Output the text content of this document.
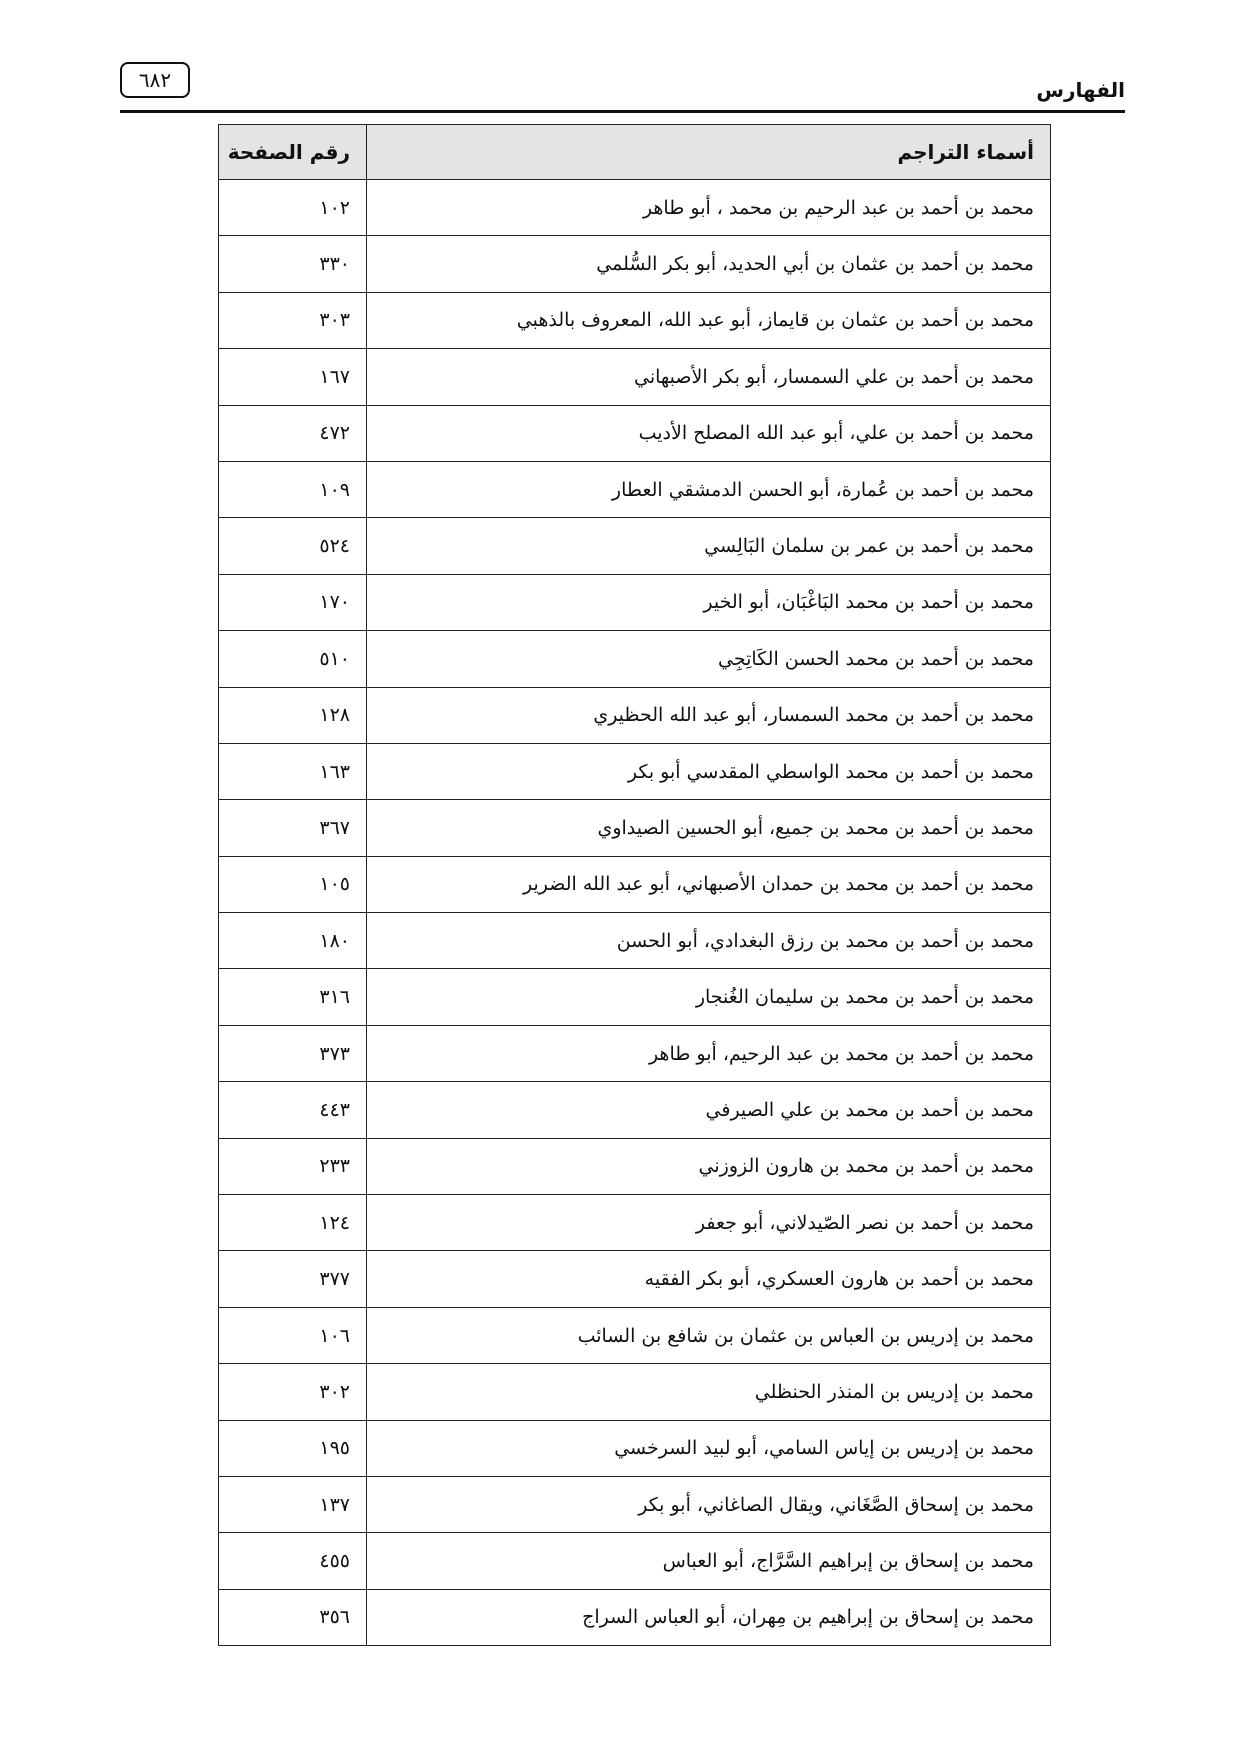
الفهارس
٦٨٢
أسماء التراجم	رقم الصفحة
محمد بن أحمد بن عبد الرحيم بن محمد ، أبو طاهر	١٠٢
محمد بن أحمد بن عثمان بن أبي الحديد، أبو بكر السُّلمي	٣٣٠
محمد بن أحمد بن عثمان بن قايماز، أبو عبد الله، المعروف بالذهبي	٣٠٣
محمد بن أحمد بن علي السمسار، أبو بكر الأصبهاني	١٦٧
محمد بن أحمد بن علي، أبو عبد الله المصلح الأديب	٤٧٢
محمد بن أحمد بن عُمارة، أبو الحسن الدمشقي العطار	١٠٩
محمد بن أحمد بن عمر بن سلمان البَالِسي	٥٢٤
محمد بن أحمد بن محمد البَاغْبَان، أبو الخير	١٧٠
محمد بن أحمد بن محمد الحسن الكَاتِجِي	٥١٠
محمد بن أحمد بن محمد السمسار، أبو عبد الله الحظيري	١٢٨
محمد بن أحمد بن محمد الواسطي المقدسي أبو بكر	١٦٣
محمد بن أحمد بن محمد بن جميع، أبو الحسين الصيداوي	٣٦٧
محمد بن أحمد بن محمد بن حمدان الأصبهاني، أبو عبد الله الضرير	١٠٥
محمد بن أحمد بن محمد بن رزق البغدادي، أبو الحسن	١٨٠
محمد بن أحمد بن محمد بن سليمان الغُنجار	٣١٦
محمد بن أحمد بن محمد بن عبد الرحيم، أبو طاهر	٣٧٣
محمد بن أحمد بن محمد بن علي الصيرفي	٤٤٣
محمد بن أحمد بن محمد بن هارون الزوزني	٢٣٣
محمد بن أحمد بن نصر الصّيدلاني، أبو جعفر	١٢٤
محمد بن أحمد بن هارون العسكري، أبو بكر الفقيه	٣٧٧
محمد بن إدريس بن العباس بن عثمان بن شافع بن السائب	١٠٦
محمد بن إدريس بن المنذر الحنظلي	٣٠٢
محمد بن إدريس بن إياس السامي، أبو لبيد السرخسي	١٩٥
محمد بن إسحاق الصَّغَاني، ويقال الصاغاني، أبو بكر	١٣٧
محمد بن إسحاق بن إبراهيم السَّرَّاج، أبو العباس	٤٥٥
محمد بن إسحاق بن إبراهيم بن مِهران، أبو العباس السراج	٣٥٦
